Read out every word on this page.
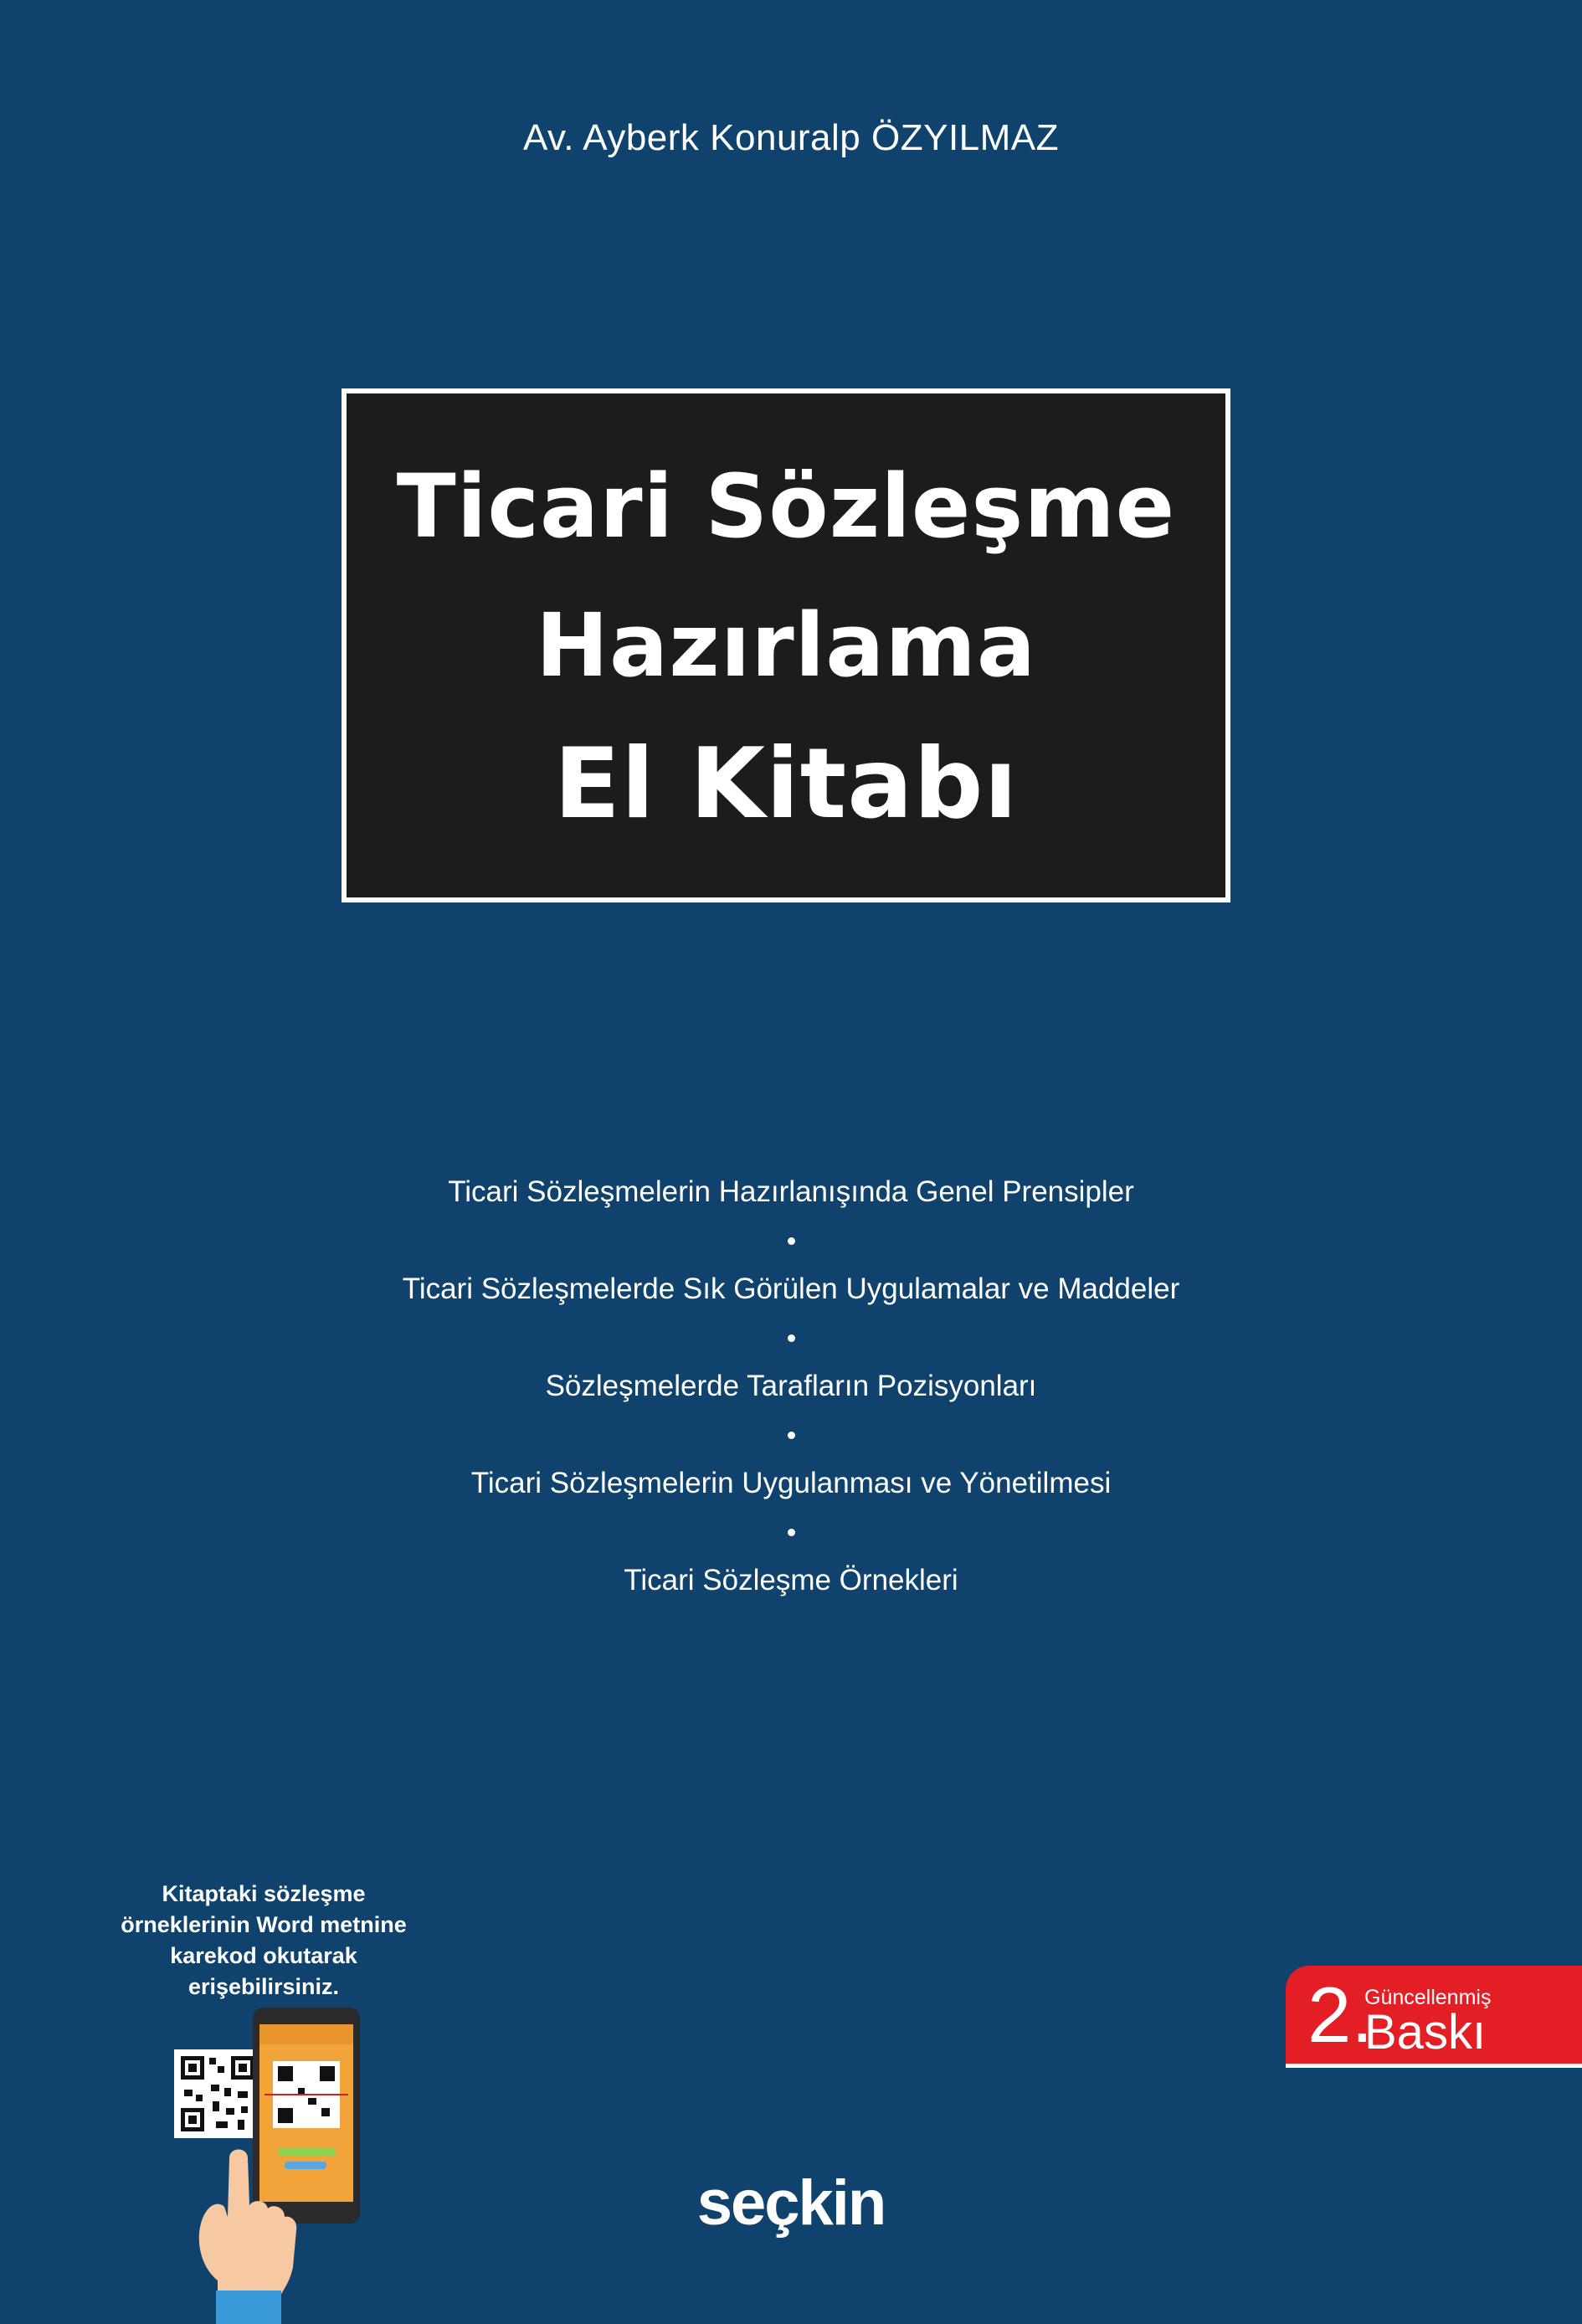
Av. Ayberk Konuralp ÖZYILMAZ
Ticari Sözleşme
Hazırlama
El Kitabı
Ticari Sözleşmelerin Hazırlanışında Genel Prensipler
Ticari Sözleşmelerde Sık Görülen Uygulamalar ve Maddeler
Sözleşmelerde Tarafların Pozisyonları
Ticari Sözleşmelerin Uygulanması ve Yönetilmesi
Ticari Sözleşme Örnekleri
Kitaptaki sözleşme
örneklerinin Word metnine
karekod okutarak
erişebilirsiniz.	2.
Güncellenmiş
Baskı
seçkin
